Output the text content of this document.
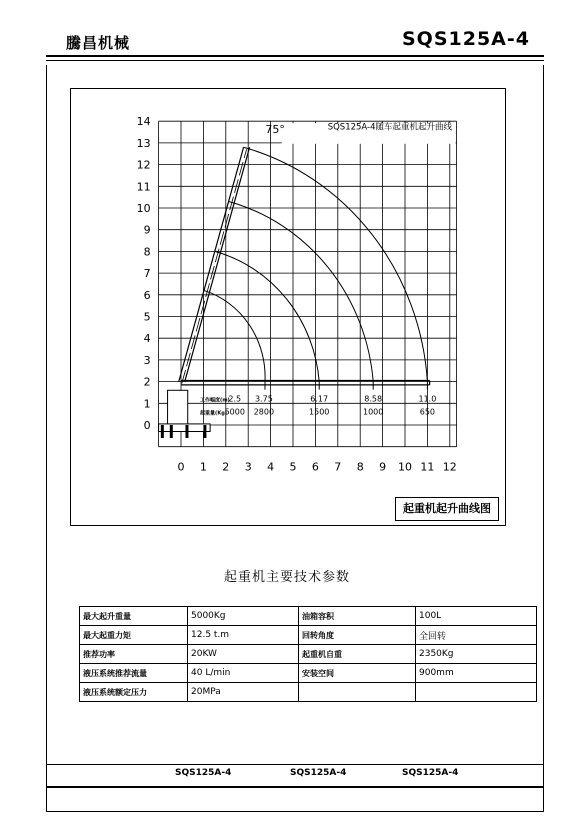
騰昌机械	SQS125A-4
0
1
2
3
4
5
6
7
8
9
10
11
12
13
14
0 1 2 3 4 5 6 7 8 9 10 11 12
SQS125A-4随车起重机起升曲线
75°
工作幅度(m)
起重量(Kg)
2.5 3.75	6.17	8.58	11.0
5000 2800	1500	1000	650
起重机起升曲线图
起重机主要技术参数
最大起升重量	5000Kg	油箱容积	100L
最大起重力矩	12.5 t.m	回转角度	全回转
推荐功率	20KW	起重机自重	2350Kg
液压系统推荐流量	40 L/min	安装空间	900mm
液压系统额定压力	20MPa		
SQS125A-4	SQS125A-4	SQS125A-4
